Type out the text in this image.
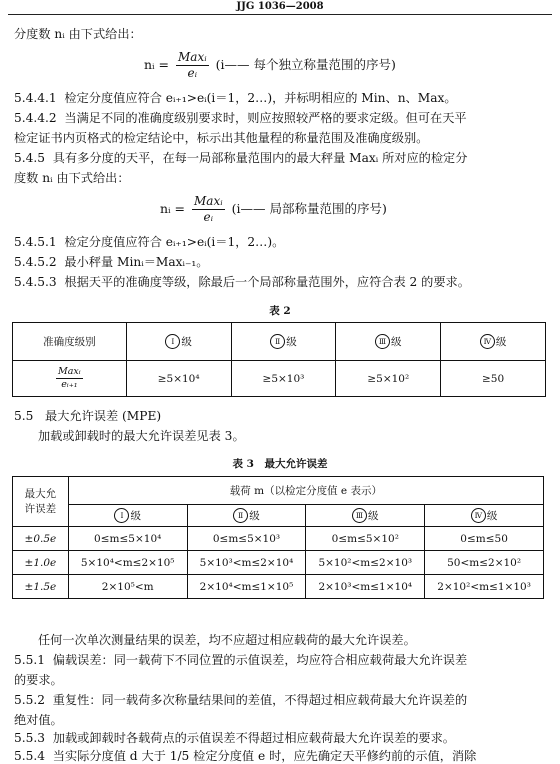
JJG 1036—2008
分度数 nᵢ 由下式给出：
nᵢ = $\frac{\text{Maxᵢ}}{\text{eᵢ}}$ (i—— 每个独立称量范围的序号)
5.4.4.1 检定分度值应符合 eᵢ₊₁>eᵢ(i＝1，2…)，并标明相应的 Min、n、Max。
5.4.4.2 当满足不同的准确度级别要求时，则应按照较严格的要求定级。但可在天平
检定证书内页格式的检定结论中，标示出其他量程的称量范围及准确度级别。
5.4.5 具有多分度的天平，在每一局部称量范围内的最大秤量 Maxᵢ 所对应的检定分
度数 nᵢ 由下式给出：
nᵢ = $\frac{\text{Maxᵢ}}{\text{eᵢ}}$ (i—— 局部称量范围的序号)
5.4.5.1 检定分度值应符合 eᵢ₊₁>eᵢ(i＝1，2…)。
5.4.5.2 最小秤量 Minᵢ＝Maxᵢ₋₁。
5.4.5.3 根据天平的准确度等级，除最后一个局部称量范围外，应符合表 2 的要求。
表 2
准确度级别	Ⅰ 级	Ⅱ 级	Ⅲ 级	Ⅳ 级

$\frac{\text{Maxᵢ}}{\text{eᵢ₊₁}}$	≥5×10⁴	≥5×10³	≥5×10²	≥50
5.5 最大允许误差 (MPE)
加载或卸载时的最大允许误差见表 3。
表 3　最大允许误差
最大允许误差	载荷 m（以检定分度值 e 表示）			
	Ⅰ 级	Ⅱ 级	Ⅲ 级	Ⅳ 级
±0.5e	0≤m≤5×10⁴	0≤m≤5×10³	0≤m≤5×10²	0≤m≤50
±1.0e	5×10⁴<m≤2×10⁵	5×10³<m≤2×10⁴	5×10²<m≤2×10³	50<m≤2×10²
±1.5e	2×10⁵<m	2×10⁴<m≤1×10⁵	2×10³<m≤1×10⁴	2×10²<m≤1×10³
任何一次单次测量结果的误差，均不应超过相应载荷的最大允许误差。
5.5.1 偏载误差：同一载荷下不同位置的示值误差，均应符合相应载荷最大允许误差
的要求。
5.5.2 重复性：同一载荷多次称量结果间的差值，不得超过相应载荷最大允许误差的
绝对值。
5.5.3 加载或卸载时各载荷点的示值误差不得超过相应载荷最大允许误差的要求。
5.5.4 当实际分度值 d 大于 1/5 检定分度值 e 时，应先确定天平修约前的示值，消除
